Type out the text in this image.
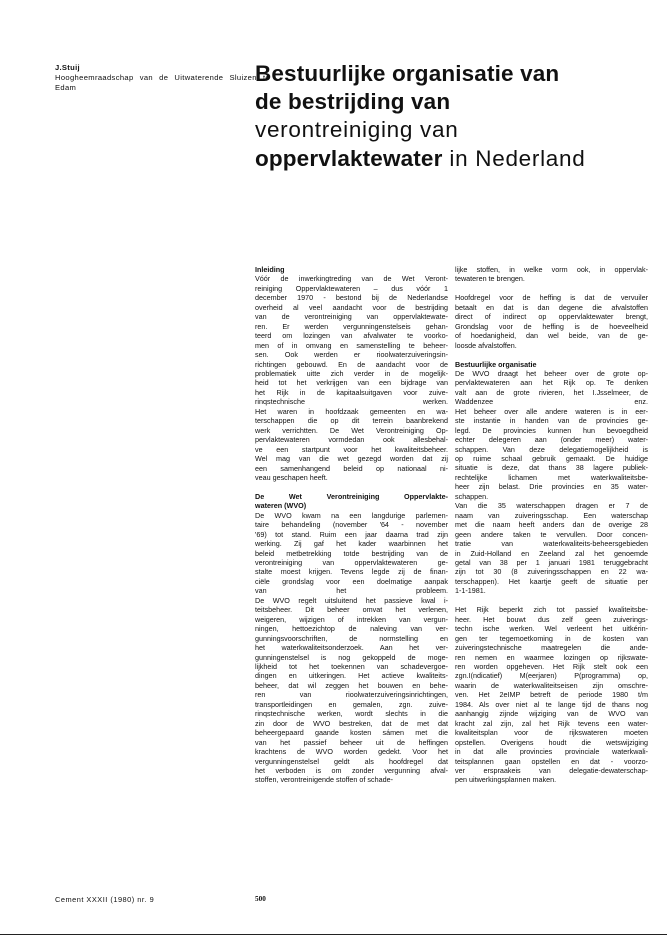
J.Stuij
Hoogheemraadschap van de Uitwaterende Sluizen te Edam
Bestuurlijke organisatie van
de bestrijding van
verontreiniging van
oppervlaktewater in Nederland
Inleiding
Vóór de inwerkingtreding van de Wet Veront-
reiniging Oppervlaktewateren – dus vóór 1
december 1970 - bestond bij de Nederlandse
overheid al veel aandacht voor de bestrijding
van de verontreiniging van oppervlaktewate-
ren. Er werden vergunningenstelseis gehan-
teerd om lozingen van afvalwater te voorko-
men of in omvang en samenstelling te beheer-
sen. Ook werden er rioolwaterzuiveringsin-
richtingen gebouwd. En de aandacht voor de
problematiek uitte zich verder in de mogelijk-
heid tot het verkrijgen van een bijdrage van
het Rijk in de kapitaalsuitgaven voor zuive-
rinqstechnische werken.
Het waren in hoofdzaak gemeenten en wa-
terschappen die op dit terrein baanbrekend
werk verrichtten. De Wet Verontreiniging Op-
pervlaktewateren vormdedan ook allesbehal-
ve een startpunt voor het kwaliteitsbeheer.
Wel mag van die wet gezegd worden dat zij
een samenhangend beleid op nationaal ni-
veau geschapen heeft.
De Wet Verontreiniging Oppervlakte-
wateren (WVO)
De WVO kwam na een langdurige parlemen-
taire behandeling (november '64 - november
'69) tot stand. Ruim een jaar daarna trad zijn
werking. Zij gaf het kader waarbinnen het
beleid metbetrekking totde bestrijding van de
verontreiniging van oppervlaktewateren ge-
stalte moest krijgen. Tevens legde zij de finan-
ciële grondslag voor een doelmatige aanpak
van het probleem.
De WVO regelt uitsluitend het passieve kwal i-
teitsbeheer. Dit beheer omvat het verlenen,
weigeren, wijzigen of intrekken van vergun-
ningen, hettoezichtop de naleving van ver-
gunningsvoorschriften, de normstelling en
het waterkwaliteitsonderzoek. Aan het ver-
gunningenstelsel is nog gekoppeld de moge-
lijkheid tot het toekennen van schadevergoe-
dingen en uitkeringen. Het actieve kwaliteits-
beheer, dat wil zeggen het bouwen en behe-
ren van rioolwaterzuiveringsinrichtingen,
transportleidingen en gemalen, zgn. zuive-
rinqstechnische werken, wordt slechts in die
zin door de WVO bestreken, dat de met dat
beheergepaard gaande kosten sámen met die
van het passief beheer uit de heffingen
krachtens de WVO worden gedekt. Voor het
vergunningenstelsel geldt als hoofdregel dat
het verboden is om zonder vergunning afval-
stoffen, verontreinigende stoffen of schade-
lijke stoffen, in welke vorm ook, in oppervlak-
tewateren te brengen.
Hoofdregel voor de heffing is dat de vervuiler
betaalt en dat is dan degene die afvalstoffen
direct of indirect op oppervlaktewater brengt,
Grondslag voor de heffing is de hoeveelheid
of hoedanigheid, dan wel beide, van de ge-
loosde afvalstoffen.
Bestuurlijke organisatie
De WVO draagt het beheer over de grote op-
pervlaktewateren aan het Rijk op. Te denken
valt aan de grote rivieren, het I.Jsselmeer, de
Waddenzee enz.
Het beheer over alle andere wateren is in eer-
ste instantie in handen van de provincies ge-
legd. De provincies kunnen hun bevoegdheid
echter delegeren aan (onder meer) water-
schappen. Van deze delegatiemogelijkheid is
op ruime schaal gebruik gemaakt. De huidige
situatie is deze, dat thans 38 lagere publiek-
rechtelijke lichamen met waterkwaliteitsbe-
heer zijn belast. Drie provincies en 35 water-
schappen.
Van die 35 waterschappen dragen er 7 de
naam van zuiveringsschap. Een waterschap
met die naam heeft anders dan de overige 28
geen andere taken te vervullen. Door concen-
tratie van waterkwaliteits-beheersgebieden
in Zuid-Holland en Zeeland zal het genoemde
getal van 38 per 1 januari 1981 teruggebracht
zijn tot 30 (8 zuiveringsschappen en 22 wa-
terschappen). Het kaartje geeft de situatie per
1-1-1981.
Het Rijk beperkt zich tot passief kwaliteitsbe-
heer. Het bouwt dus zelf geen zuiverings-
techn ische werken. Wel verleent het uitkérin-
gen ter tegemoetkoming in de kosten van
zuiveringstechnische maatregelen die ande-
ren nemen en waarmee lozingen op rijkswate-
ren worden opgeheven. Het Rijk stelt ook een
zgn.I(ndicatief) M(eerjaren) P(programma) op,
waarin de waterkwaliteitseisen zijn omschre-
ven. Het 2eIMP betreft de periode 1980 t/m
1984. Als over niet al te lange tijd de thans nog
aanhangig zijnde wijziging van de WVO van
kracht zal zijn, zal het Rijk tevens een water-
kwaliteitsplan voor de rijkswateren moeten
opstellen. Overigens houdt die wetswijziging
in dat alle provincies provinciale waterkwali-
teitsplannen gaan opstellen en dat - voorzo-
ver erspraakeis van delegatie-dewaterschap-
pen uitwerkingsplannen maken.
Cement XXXII (1980) nr. 9	500
